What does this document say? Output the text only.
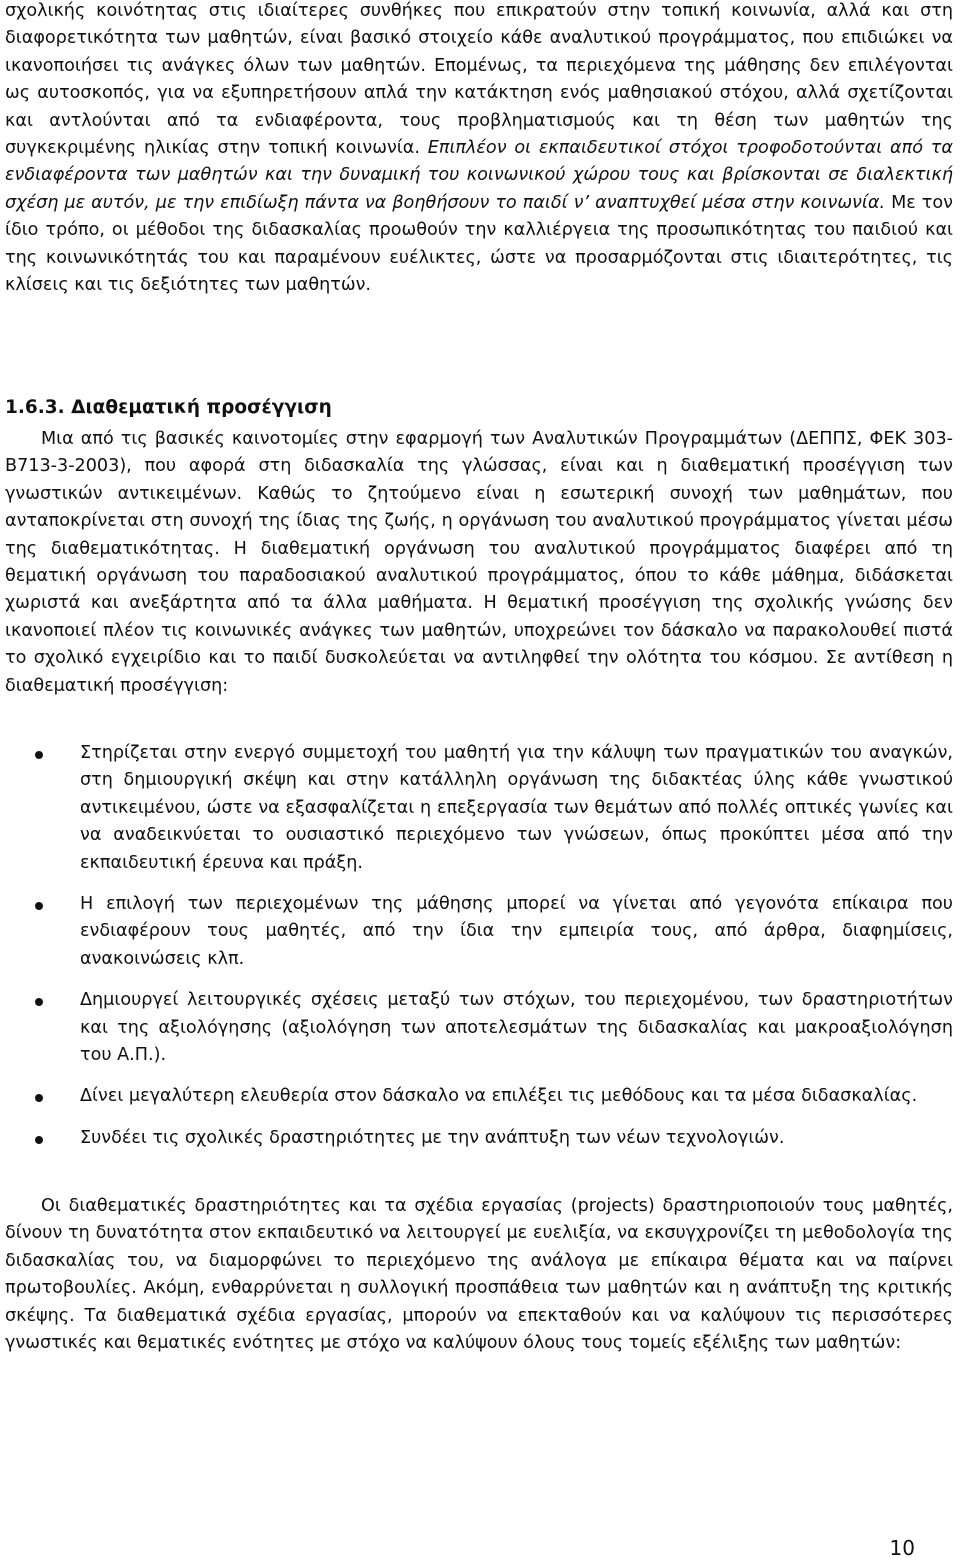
σχολικής κοινότητας στις ιδιαίτερες συνθήκες που επικρατούν στην τοπική κοινωνία, αλλά και στη διαφορετικότητα των μαθητών, είναι βασικό στοιχείο κάθε αναλυτικού προγράμματος, που επιδιώκει να ικανοποιήσει τις ανάγκες όλων των μαθητών. Επομένως, τα περιεχόμενα της μάθησης δεν επιλέγονται ως αυτοσκοπός, για να εξυπηρετήσουν απλά την κατάκτηση ενός μαθησιακού στόχου, αλλά σχετίζονται και αντλούνται από τα ενδιαφέροντα, τους προβληματισμούς και τη θέση των μαθητών της συγκεκριμένης ηλικίας στην τοπική κοινωνία. Επιπλέον οι εκπαιδευτικοί στόχοι τροφοδοτούνται από τα ενδιαφέροντα των μαθητών και την δυναμική του κοινωνικού χώρου τους και βρίσκονται σε διαλεκτική σχέση με αυτόν, με την επιδίωξη πάντα να βοηθήσουν το παιδί ν’ αναπτυχθεί μέσα στην κοινωνία. Με τον ίδιο τρόπο, οι μέθοδοι της διδασκαλίας προωθούν την καλλιέργεια της προσωπικότητας του παιδιού και της κοινωνικότητάς του και παραμένουν ευέλικτες, ώστε να προσαρμόζονται στις ιδιαιτερότητες, τις κλίσεις και τις δεξιότητες των μαθητών.

1.6.3. Διαθεματική προσέγγιση

Μια από τις βασικές καινοτομίες στην εφαρμογή των Αναλυτικών Προγραμμάτων (ΔΕΠΠΣ, ΦΕΚ 303-Β713-3-2003), που αφορά στη διδασκαλία της γλώσσας, είναι και η διαθεματική προσέγγιση των γνωστικών αντικειμένων. Καθώς το ζητούμενο είναι η εσωτερική συνοχή των μαθημάτων, που ανταποκρίνεται στη συνοχή της ίδιας της ζωής, η οργάνωση του αναλυτικού προγράμματος γίνεται μέσω της διαθεματικότητας. Η διαθεματική οργάνωση του αναλυτικού προγράμματος διαφέρει από τη θεματική οργάνωση του παραδοσιακού αναλυτικού προγράμματος, όπου το κάθε μάθημα, διδάσκεται χωριστά και ανεξάρτητα από τα άλλα μαθήματα. Η θεματική προσέγγιση της σχολικής γνώσης δεν ικανοποιεί πλέον τις κοινωνικές ανάγκες των μαθητών, υποχρεώνει τον δάσκαλο να παρακολουθεί πιστά το σχολικό εγχειρίδιο και το παιδί δυσκολεύεται να αντιληφθεί την ολότητα του κόσμου. Σε αντίθεση η διαθεματική προσέγγιση:

Στηρίζεται στην ενεργό συμμετοχή του μαθητή για την κάλυψη των πραγματικών του αναγκών, στη δημιουργική σκέψη και στην κατάλληλη οργάνωση της διδακτέας ύλης κάθε γνωστικού αντικειμένου, ώστε να εξασφαλίζεται η επεξεργασία των θεμάτων από πολλές οπτικές γωνίες και να αναδεικνύεται το ουσιαστικό περιεχόμενο των γνώσεων, όπως προκύπτει μέσα από την εκπαιδευτική έρευνα και πράξη.

Η επιλογή των περιεχομένων της μάθησης μπορεί να γίνεται από γεγονότα επίκαιρα που ενδιαφέρουν τους μαθητές, από την ίδια την εμπειρία τους, από άρθρα, διαφημίσεις, ανακοινώσεις κλπ.

Δημιουργεί λειτουργικές σχέσεις μεταξύ των στόχων, του περιεχομένου, των δραστηριοτήτων και της αξιολόγησης (αξιολόγηση των αποτελεσμάτων της διδασκαλίας και μακροαξιολόγηση του Α.Π.).

Δίνει μεγαλύτερη ελευθερία στον δάσκαλο να επιλέξει τις μεθόδους και τα μέσα διδασκαλίας.

Συνδέει τις σχολικές δραστηριότητες με την ανάπτυξη των νέων τεχνολογιών.

Οι διαθεματικές δραστηριότητες και τα σχέδια εργασίας (projects) δραστηριοποιούν τους μαθητές, δίνουν τη δυνατότητα στον εκπαιδευτικό να λειτουργεί με ευελιξία, να εκσυγχρονίζει τη μεθοδολογία της διδασκαλίας του, να διαμορφώνει το περιεχόμενο της ανάλογα με επίκαιρα θέματα και να παίρνει πρωτοβουλίες. Ακόμη, ενθαρρύνεται η συλλογική προσπάθεια των μαθητών και η ανάπτυξη της κριτικής σκέψης. Τα διαθεματικά σχέδια εργασίας, μπορούν να επεκταθούν και να καλύψουν τις περισσότερες γνωστικές και θεματικές ενότητες με στόχο να καλύψουν όλους τους τομείς εξέλιξης των μαθητών:

10
